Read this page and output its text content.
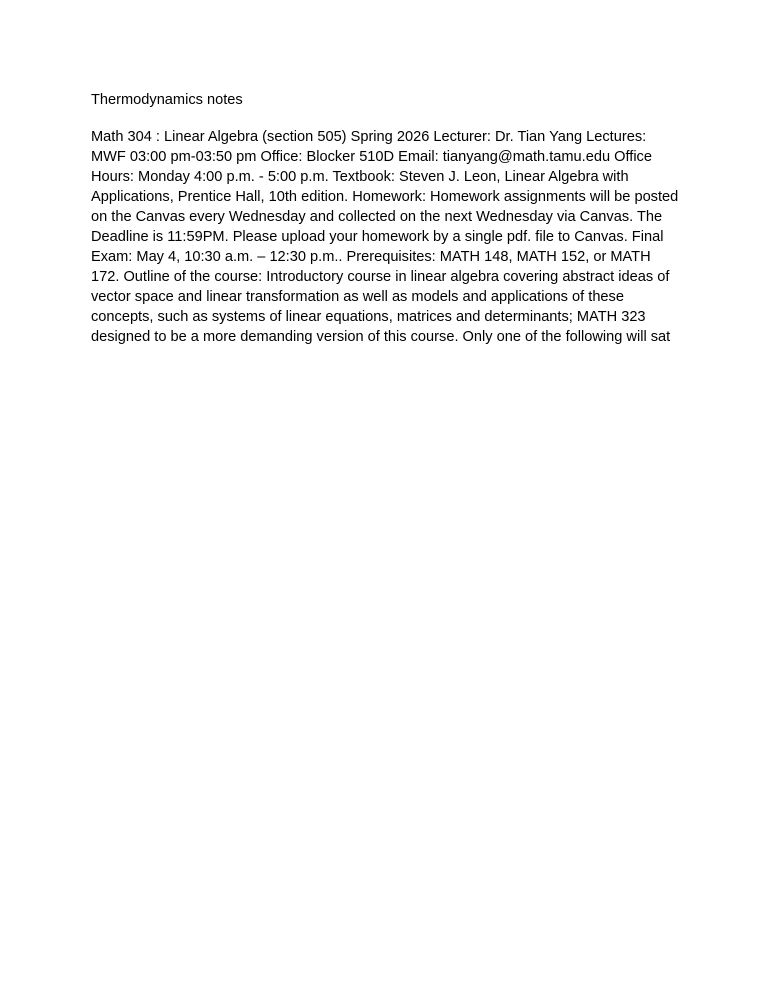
Thermodynamics notes

Math 304 : Linear Algebra (section 505) Spring 2026 Lecturer: Dr. Tian Yang Lectures: MWF 03:00 pm-03:50 pm Office: Blocker 510D Email: tianyang@math.tamu.edu Office Hours: Monday 4:00 p.m. - 5:00 p.m. Textbook: Steven J. Leon, Linear Algebra with Applications, Prentice Hall, 10th edition. Homework: Homework assignments will be posted on the Canvas every Wednesday and collected on the next Wednesday via Canvas. The Deadline is 11:59PM. Please upload your homework by a single pdf. file to Canvas. Final Exam: May 4, 10:30 a.m. – 12:30 p.m.. Prerequisites: MATH 148, MATH 152, or MATH 172. Outline of the course: Introductory course in linear algebra covering abstract ideas of vector space and linear transformation as well as models and applications of these concepts, such as systems of linear equations, matrices and determinants; MATH 323 designed to be a more demanding version of this course. Only one of the following will sat
